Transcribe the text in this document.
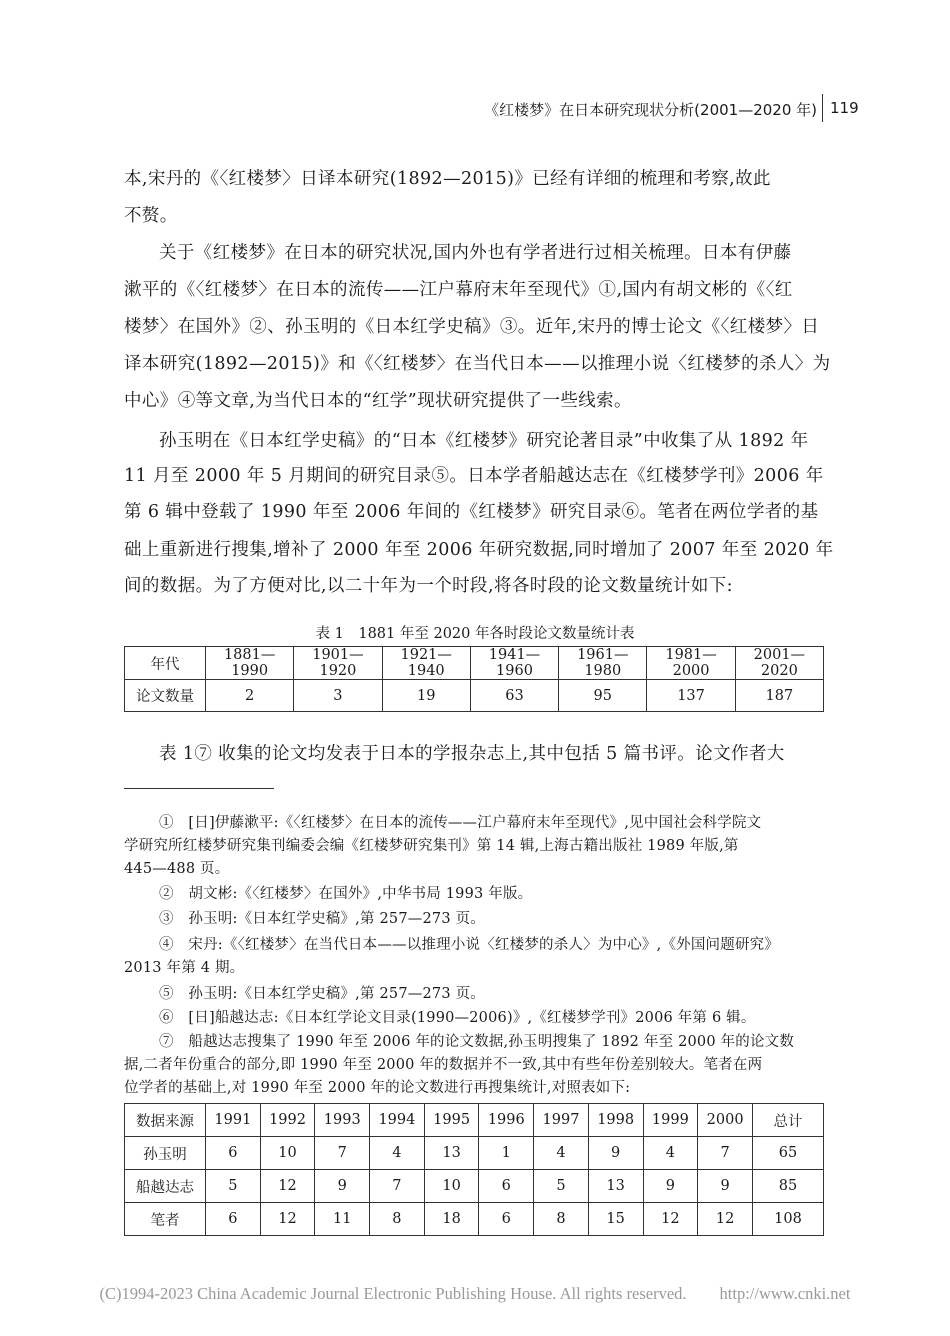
《红楼梦》在日本研究现状分析(2001—2020 年) 119
本,宋丹的《〈红楼梦〉日译本研究(1892—2015)》已经有详细的梳理和考察,故此
不赘。
关于《红楼梦》在日本的研究状况,国内外也有学者进行过相关梳理。日本有伊藤
漱平的《〈红楼梦〉在日本的流传——江户幕府末年至现代》①,国内有胡文彬的《〈红
楼梦〉在国外》②、孙玉明的《日本红学史稿》③。近年,宋丹的博士论文《〈红楼梦〉日
译本研究(1892—2015)》和《〈红楼梦〉在当代日本——以推理小说〈红楼梦的杀人〉为
中心》④等文章,为当代日本的“红学”现状研究提供了一些线索。
孙玉明在《日本红学史稿》的“日本《红楼梦》研究论著目录”中收集了从 1892 年
11 月至 2000 年 5 月期间的研究目录⑤。日本学者船越达志在《红楼梦学刊》2006 年
第 6 辑中登载了 1990 年至 2006 年间的《红楼梦》研究目录⑥。笔者在两位学者的基
础上重新进行搜集,增补了 2000 年至 2006 年研究数据,同时增加了 2007 年至 2020 年
间的数据。为了方便对比,以二十年为一个时段,将各时段的论文数量统计如下:
表 1　1881 年至 2020 年各时段论文数量统计表
年代	1881—1990	1901—1920	1921—1940	1941—1960	1961—1980	1981—2000	2001—2020
论文数量	2	3	19	63	95	137	187
表 1⑦ 收集的论文均发表于日本的学报杂志上,其中包括 5 篇书评。论文作者大
①　[日]伊藤漱平:《〈红楼梦〉在日本的流传——江户幕府末年至现代》,见中国社会科学院文
学研究所红楼梦研究集刊编委会编《红楼梦研究集刊》第 14 辑,上海古籍出版社 1989 年版,第
445—488 页。
②　胡文彬:《〈红楼梦〉在国外》,中华书局 1993 年版。
③　孙玉明:《日本红学史稿》,第 257—273 页。
④　宋丹:《〈红楼梦〉在当代日本——以推理小说〈红楼梦的杀人〉为中心》,《外国问题研究》
2013 年第 4 期。
⑤　孙玉明:《日本红学史稿》,第 257—273 页。
⑥　[日]船越达志:《日本红学论文目录(1990—2006)》,《红楼梦学刊》2006 年第 6 辑。
⑦　船越达志搜集了 1990 年至 2006 年的论文数据,孙玉明搜集了 1892 年至 2000 年的论文数
据,二者年份重合的部分,即 1990 年至 2000 年的数据并不一致,其中有些年份差别较大。笔者在两
位学者的基础上,对 1990 年至 2000 年的论文数进行再搜集统计,对照表如下:
数据来源	1991	1992	1993	1994	1995	1996	1997	1998	1999	2000	总计
孙玉明	6	10	7	4	13	1	4	9	4	7	65
船越达志	5	12	9	7	10	6	5	13	9	9	85
笔者	6	12	11	8	18	6	8	15	12	12	108
(C)1994-2023 China Academic Journal Electronic Publishing House. All rights reserved.　　http://www.cnki.net
